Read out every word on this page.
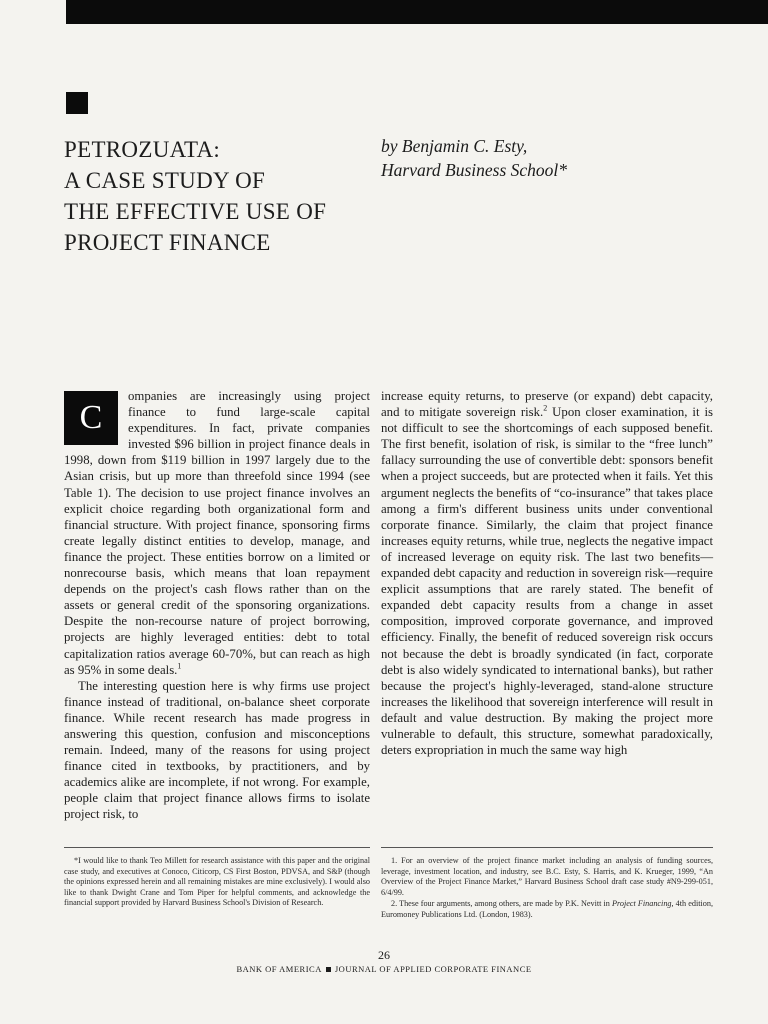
PETROZUATA:
A CASE STUDY OF
THE EFFECTIVE USE OF
PROJECT FINANCE
by Benjamin C. Esty,
Harvard Business School*

C
ompanies are increasingly using project finance to fund large-scale capital expenditures. In fact, private companies invested $96 billion in project finance deals in 1998, down from $119 billion in 1997 largely due to the Asian crisis, but up more than threefold since 1994 (see Table 1). The decision to use project finance involves an explicit choice regarding both organizational form and financial structure. With project finance, sponsoring firms create legally distinct entities to develop, manage, and finance the project. These entities borrow on a limited or nonrecourse basis, which means that loan repayment depends on the project's cash flows rather than on the assets or general credit of the sponsoring organizations. Despite the non-recourse nature of project borrowing, projects are highly leveraged entities: debt to total capitalization ratios average 60-70%, but can reach as high as 95% in some deals.$^1$

The interesting question here is why firms use project finance instead of traditional, on-balance sheet corporate finance. While recent research has made progress in answering this question, confusion and misconceptions remain. Indeed, many of the reasons for using project finance cited in textbooks, by practitioners, and by academics alike are incomplete, if not wrong. For example, people claim that project finance allows firms to isolate project risk, to

increase equity returns, to preserve (or expand) debt capacity, and to mitigate sovereign risk.$^2$ Upon closer examination, it is not difficult to see the shortcomings of each supposed benefit. The first benefit, isolation of risk, is similar to the “free lunch” fallacy surrounding the use of convertible debt: sponsors benefit when a project succeeds, but are protected when it fails. Yet this argument neglects the benefits of “co-insurance” that takes place among a firm's different business units under conventional corporate finance. Similarly, the claim that project finance increases equity returns, while true, neglects the negative impact of increased leverage on equity risk. The last two benefits—expanded debt capacity and reduction in sovereign risk—require explicit assumptions that are rarely stated. The benefit of expanded debt capacity results from a change in asset composition, improved corporate governance, and improved efficiency. Finally, the benefit of reduced sovereign risk occurs not because the debt is broadly syndicated (in fact, corporate debt is also widely syndicated to international banks), but rather because the project's highly-leveraged, stand-alone structure increases the likelihood that sovereign interference will result in default and value destruction. By making the project more vulnerable to default, this structure, somewhat paradoxically, deters expropriation in much the same way high

*I would like to thank Teo Millett for research assistance with this paper and the original case study, and executives at Conoco, Citicorp, CS First Boston, PDVSA, and S&P (though the opinions expressed herein and all remaining mistakes are mine exclusively). I would also like to thank Dwight Crane and Tom Piper for helpful comments, and acknowledge the financial support provided by Harvard Business School's Division of Research.

1. For an overview of the project finance market including an analysis of funding sources, leverage, investment location, and industry, see B.C. Esty, S. Harris, and K. Krueger, 1999, “An Overview of the Project Finance Market,” Harvard Business School draft case study #N9-299-051, 6/4/99.

2. These four arguments, among others, are made by P.K. Nevitt in Project Financing, 4th edition, Euromoney Publications Ltd. (London, 1983).

26
BANK OF AMERICA JOURNAL OF APPLIED CORPORATE FINANCE
